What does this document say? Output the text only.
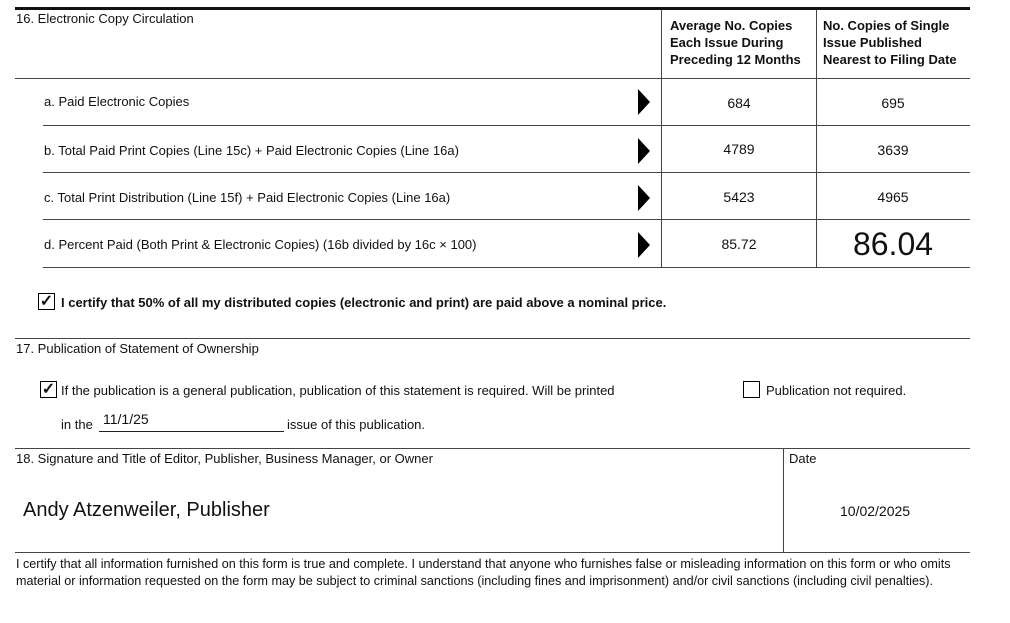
16. Electronic Copy Circulation	Average No. Copies
Each Issue During
Preceding 12 Months
No. Copies of Single
Issue Published
Nearest to Filing Date
a. Paid Electronic Copies	684	695
b. Total Paid Print Copies (Line 15c) + Paid Electronic Copies (Line 16a)	4789	3639
c. Total Print Distribution (Line 15f) + Paid Electronic Copies (Line 16a)	5423	4965
d. Percent Paid (Both Print & Electronic Copies) (16b divided by 16c × 100)	85.72	86.04
✓ I certify that 50% of all my distributed copies (electronic and print) are paid above a nominal price.
17. Publication of Statement of Ownership
✓ If the publication is a general publication, publication of this statement is required. Will be printed	Publication not required.
in the 11/1/25	issue of this publication.
18. Signature and Title of Editor, Publisher, Business Manager, or Owner	Date
Andy Atzenweiler, Publisher	10/02/2025
I certify that all information furnished on this form is true and complete. I understand that anyone who furnishes false or misleading information on this form or who omits material or information requested on the form may be subject to criminal sanctions (including fines and imprisonment) and/or civil sanctions (including civil penalties).
